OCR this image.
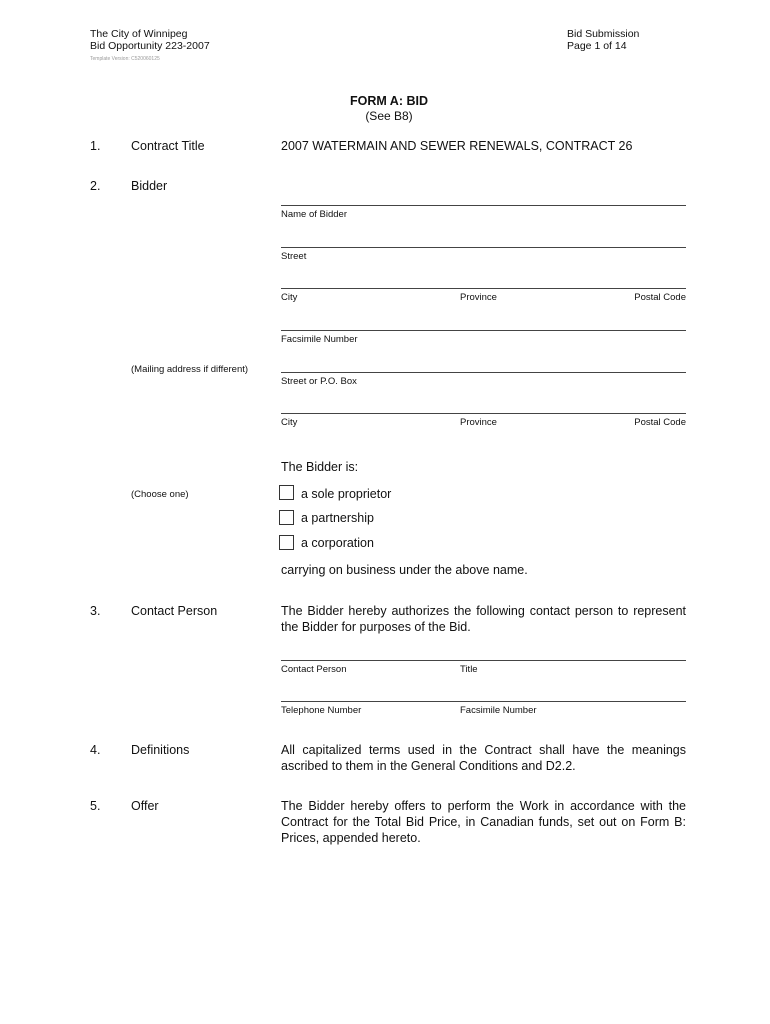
The City of Winnipeg
Bid Opportunity 223-2007
Template Version: C520060125
Bid Submission
Page 1 of 14
FORM A: BID
(See B8)
1. Contract Title	2007 WATERMAIN AND SEWER RENEWALS, CONTRACT 26
2. Bidder
Name of Bidder
Street
City	Province	Postal Code
Facsimile Number
(Mailing address if different)
Street or P.O. Box
City	Province	Postal Code
The Bidder is:
(Choose one)	a sole proprietor
a partnership
a corporation
carrying on business under the above name.
3. Contact Person	The Bidder hereby authorizes the following contact person to represent the Bidder for purposes of the Bid.
Contact Person	Title
Telephone Number	Facsimile Number
4. Definitions	All capitalized terms used in the Contract shall have the meanings ascribed to them in the General Conditions and D2.2.
5. Offer	The Bidder hereby offers to perform the Work in accordance with the Contract for the Total Bid Price, in Canadian funds, set out on Form B: Prices, appended hereto.
